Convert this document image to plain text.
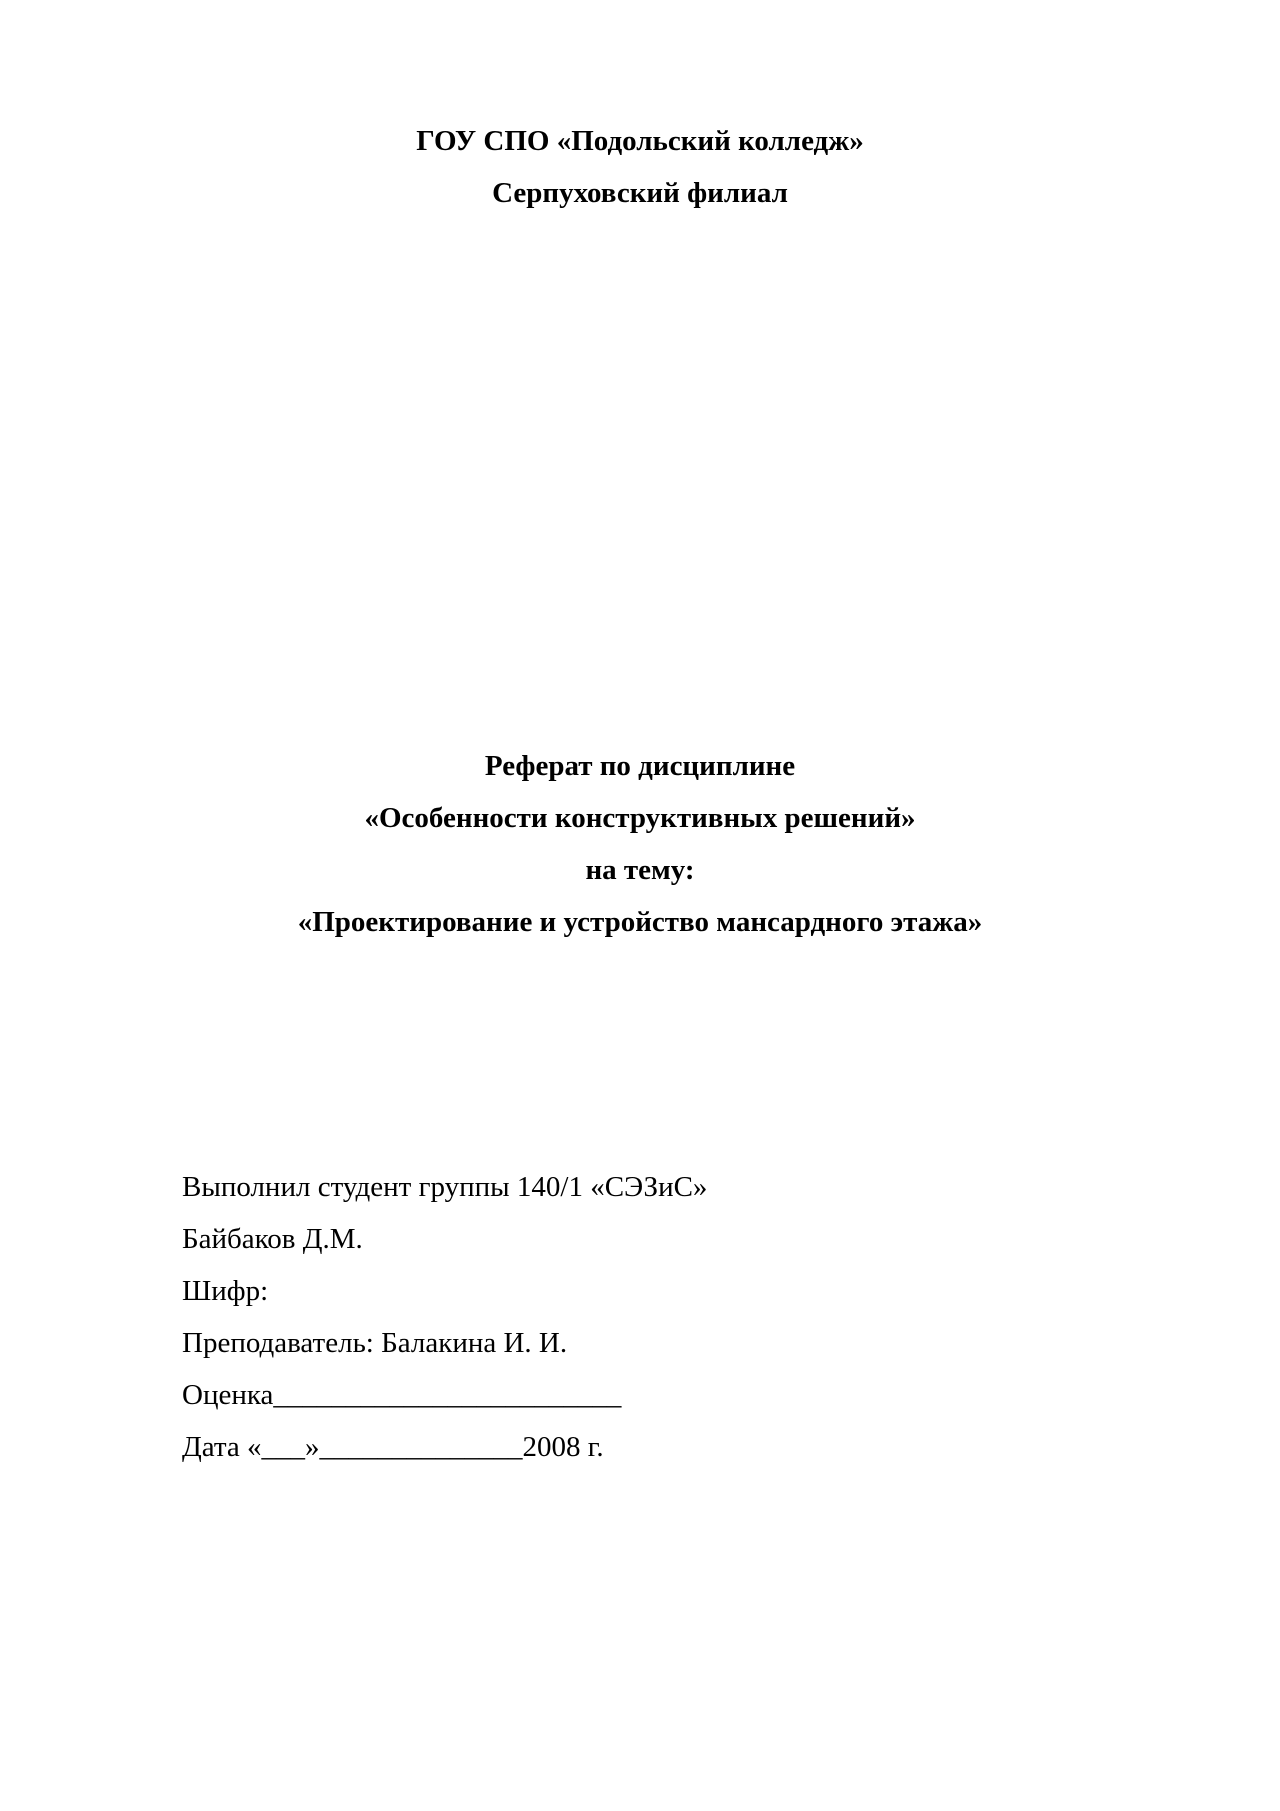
ГОУ СПО «Подольский колледж»
Серпуховский филиал
Реферат по дисциплине
«Особенности конструктивных решений»
на тему:
«Проектирование и устройство мансардного этажа»
Выполнил студент группы 140/1 «СЭЗиС»
Байбаков Д.М.
Шифр:
Преподаватель: Балакина И. И.
Оценка________________________
Дата «___»______________2008 г.
